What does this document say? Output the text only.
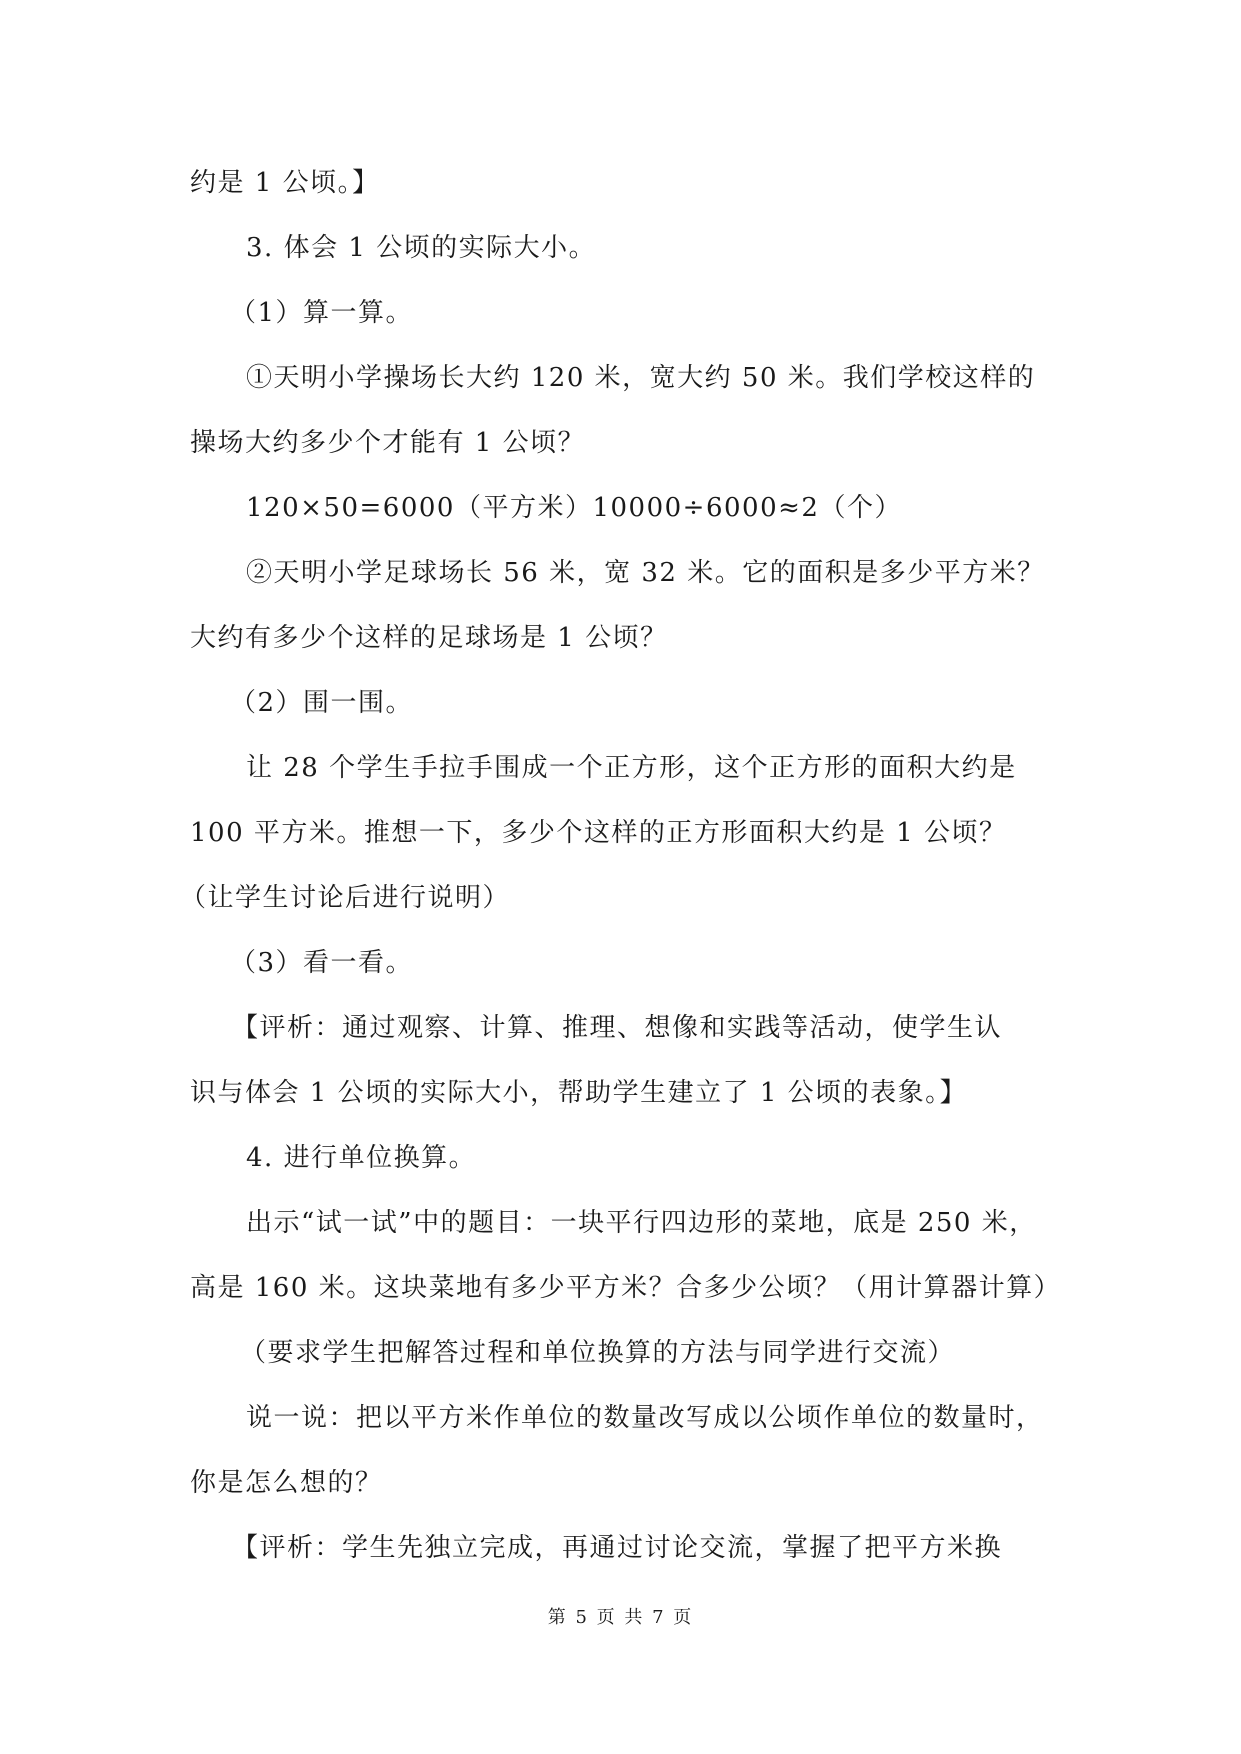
约是 1 公顷。】
3. 体会 1 公顷的实际大小。
（1）算一算。
①天明小学操场长大约 120 米，宽大约 50 米。我们学校这样的
操场大约多少个才能有 1 公顷？
120×50=6000（平方米）10000÷6000≈2（个）
②天明小学足球场长 56 米，宽 32 米。它的面积是多少平方米？
大约有多少个这样的足球场是 1 公顷？
（2）围一围。
让 28 个学生手拉手围成一个正方形，这个正方形的面积大约是
100 平方米。推想一下，多少个这样的正方形面积大约是 1 公顷？
（让学生讨论后进行说明）
（3）看一看。
【评析：通过观察、计算、推理、想像和实践等活动，使学生认
识与体会 1 公顷的实际大小，帮助学生建立了 1 公顷的表象。】
4. 进行单位换算。
出示“试一试”中的题目：一块平行四边形的菜地，底是 250 米，
高是 160 米。这块菜地有多少平方米？合多少公顷？（用计算器计算）
（要求学生把解答过程和单位换算的方法与同学进行交流）
说一说：把以平方米作单位的数量改写成以公顷作单位的数量时，
你是怎么想的？
【评析：学生先独立完成，再通过讨论交流，掌握了把平方米换
第 5 页 共 7 页
